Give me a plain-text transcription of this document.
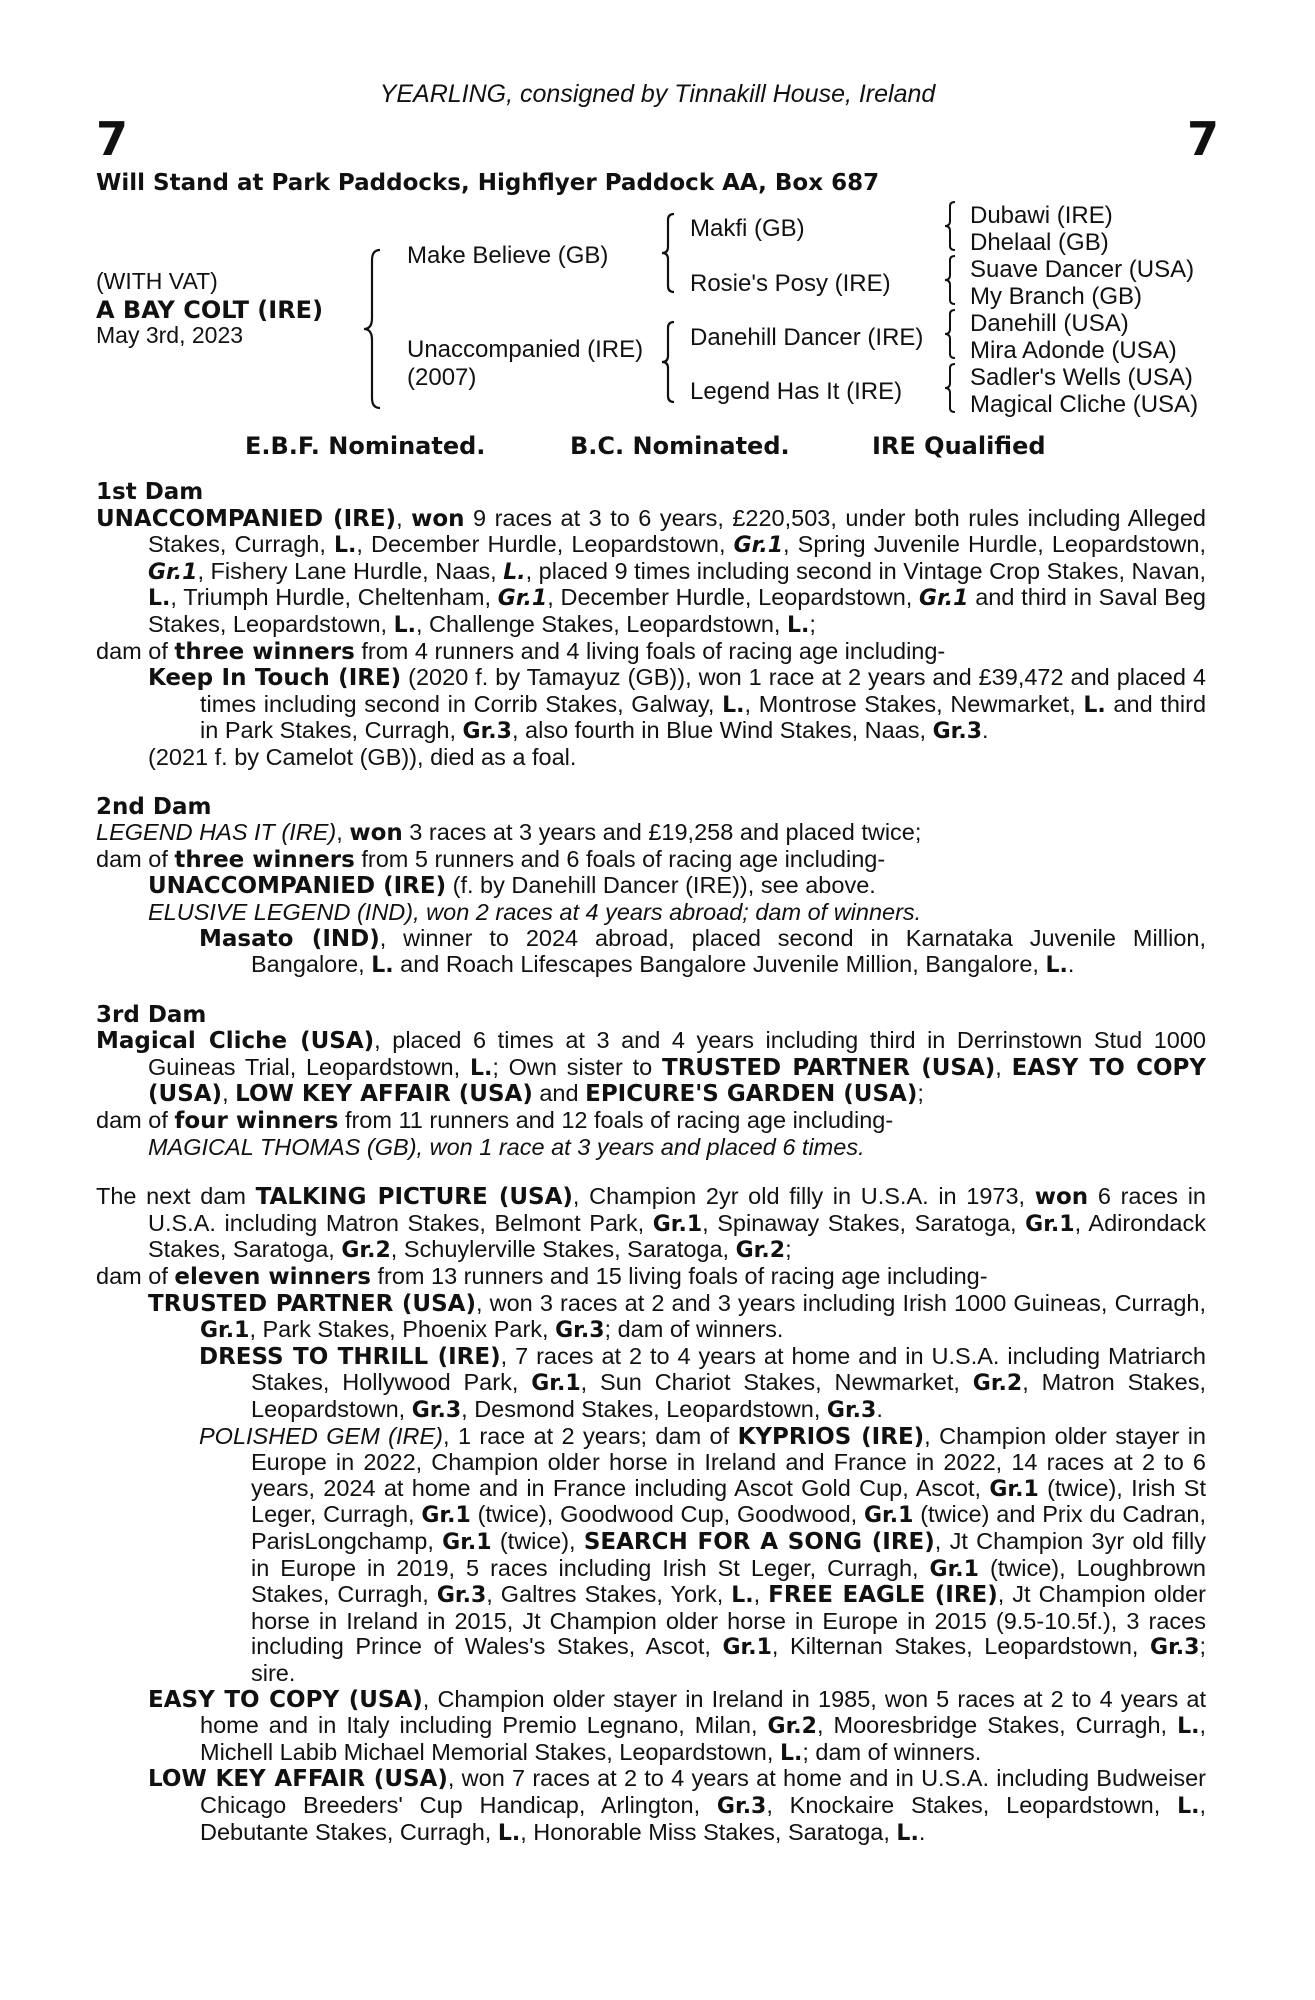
YEARLING, consigned by Tinnakill House, Ireland
7	7
Will Stand at Park Paddocks, Highflyer Paddock AA, Box 687
(WITH VAT)
A BAY COLT (IRE)
May 3rd, 2023
Make Believe (GB)
Unaccompanied (IRE)
(2007)
Makfi (GB)
Rosie's Posy (IRE)
Danehill Dancer (IRE)
Legend Has It (IRE)
Dubawi (IRE)
Dhelaal (GB)
Suave Dancer (USA)
My Branch (GB)
Danehill (USA)
Mira Adonde (USA)
Sadler's Wells (USA)
Magical Cliche (USA)
E.B.F. Nominated.	B.C. Nominated.	IRE Qualified

1st Dam

UNACCOMPANIED (IRE), won 9 races at 3 to 6 years, £220,503, under both rules including Alleged Stakes, Curragh, L., December Hurdle, Leopardstown, Gr.1, Spring Juvenile Hurdle, Leopardstown, Gr.1, Fishery Lane Hurdle, Naas, L., placed 9 times including second in Vintage Crop Stakes, Navan, L., Triumph Hurdle, Cheltenham, Gr.1, December Hurdle, Leopardstown, Gr.1 and third in Saval Beg Stakes, Leopardstown, L., Challenge Stakes, Leopardstown, L.;

dam of three winners from 4 runners and 4 living foals of racing age including-

Keep In Touch (IRE) (2020 f. by Tamayuz (GB)), won 1 race at 2 years and £39,472 and placed 4 times including second in Corrib Stakes, Galway, L., Montrose Stakes, Newmarket, L. and third in Park Stakes, Curragh, Gr.3, also fourth in Blue Wind Stakes, Naas, Gr.3.

(2021 f. by Camelot (GB)), died as a foal.

2nd Dam

LEGEND HAS IT (IRE), won 3 races at 3 years and £19,258 and placed twice;

dam of three winners from 5 runners and 6 foals of racing age including-

UNACCOMPANIED (IRE) (f. by Danehill Dancer (IRE)), see above.

ELUSIVE LEGEND (IND), won 2 races at 4 years abroad; dam of winners.

Masato (IND), winner to 2024 abroad, placed second in Karnataka Juvenile Million, Bangalore, L. and Roach Lifescapes Bangalore Juvenile Million, Bangalore, L..

3rd Dam

Magical Cliche (USA), placed 6 times at 3 and 4 years including third in Derrinstown Stud 1000 Guineas Trial, Leopardstown, L.; Own sister to TRUSTED PARTNER (USA), EASY TO COPY (USA), LOW KEY AFFAIR (USA) and EPICURE'S GARDEN (USA);

dam of four winners from 11 runners and 12 foals of racing age including-

MAGICAL THOMAS (GB), won 1 race at 3 years and placed 6 times.

The next dam TALKING PICTURE (USA), Champion 2yr old filly in U.S.A. in 1973, won 6 races in U.S.A. including Matron Stakes, Belmont Park, Gr.1, Spinaway Stakes, Saratoga, Gr.1, Adirondack Stakes, Saratoga, Gr.2, Schuylerville Stakes, Saratoga, Gr.2;

dam of eleven winners from 13 runners and 15 living foals of racing age including-

TRUSTED PARTNER (USA), won 3 races at 2 and 3 years including Irish 1000 Guineas, Curragh, Gr.1, Park Stakes, Phoenix Park, Gr.3; dam of winners.

DRESS TO THRILL (IRE), 7 races at 2 to 4 years at home and in U.S.A. including Matriarch Stakes, Hollywood Park, Gr.1, Sun Chariot Stakes, Newmarket, Gr.2, Matron Stakes, Leopardstown, Gr.3, Desmond Stakes, Leopardstown, Gr.3.

POLISHED GEM (IRE), 1 race at 2 years; dam of KYPRIOS (IRE), Champion older stayer in Europe in 2022, Champion older horse in Ireland and France in 2022, 14 races at 2 to 6 years, 2024 at home and in France including Ascot Gold Cup, Ascot, Gr.1 (twice), Irish St Leger, Curragh, Gr.1 (twice), Goodwood Cup, Goodwood, Gr.1 (twice) and Prix du Cadran, ParisLongchamp, Gr.1 (twice), SEARCH FOR A SONG (IRE), Jt Champion 3yr old filly in Europe in 2019, 5 races including Irish St Leger, Curragh, Gr.1 (twice), Loughbrown Stakes, Curragh, Gr.3, Galtres Stakes, York, L., FREE EAGLE (IRE), Jt Champion older horse in Ireland in 2015, Jt Champion older horse in Europe in 2015 (9.5-10.5f.), 3 races including Prince of Wales's Stakes, Ascot, Gr.1, Kilternan Stakes, Leopardstown, Gr.3; sire.

EASY TO COPY (USA), Champion older stayer in Ireland in 1985, won 5 races at 2 to 4 years at home and in Italy including Premio Legnano, Milan, Gr.2, Mooresbridge Stakes, Curragh, L., Michell Labib Michael Memorial Stakes, Leopardstown, L.; dam of winners.

LOW KEY AFFAIR (USA), won 7 races at 2 to 4 years at home and in U.S.A. including Budweiser Chicago Breeders' Cup Handicap, Arlington, Gr.3, Knockaire Stakes, Leopardstown, L., Debutante Stakes, Curragh, L., Honorable Miss Stakes, Saratoga, L..
